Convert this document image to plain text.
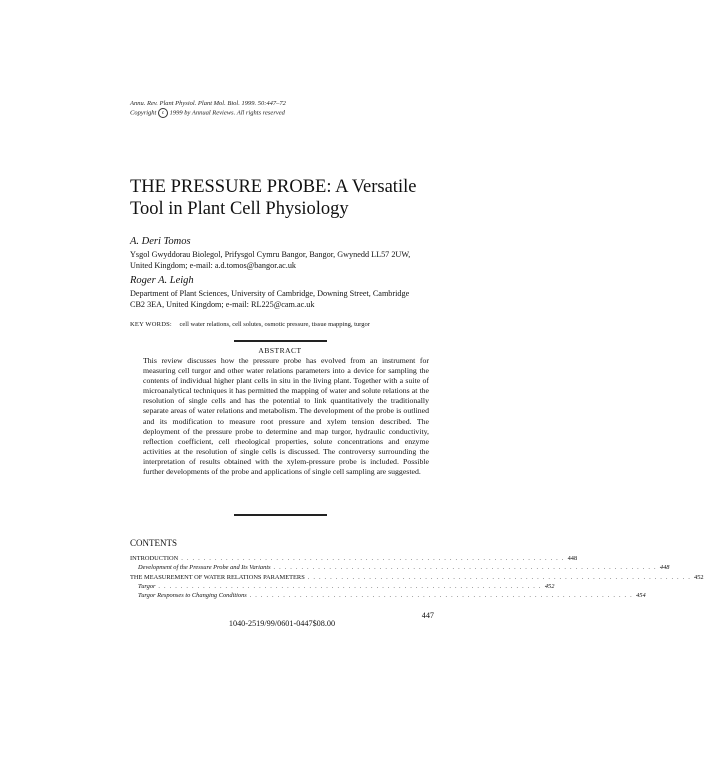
Annu. Rev. Plant Physiol. Plant Mol. Biol. 1999. 50:447–72
Copyright c 1999 by Annual Reviews. All rights reserved
THE PRESSURE PROBE: A Versatile
Tool in Plant Cell Physiology
A. Deri Tomos
Ysgol Gwyddorau Biolegol, Prifysgol Cymru Bangor, Bangor, Gwynedd LL57 2UW,
United Kingdom; e-mail: a.d.tomos@bangor.ac.uk
Roger A. Leigh
Department of Plant Sciences, University of Cambridge, Downing Street, Cambridge
CB2 3EA, United Kingdom; e-mail: RL225@cam.ac.uk
KEY WORDS: cell water relations, cell solutes, osmotic pressure, tissue mapping, turgor
ABSTRACT
This review discusses how the pressure probe has evolved from an instrument for measuring cell turgor and other water relations parameters into a device for sampling the contents of individual higher plant cells in situ in the living plant. Together with a suite of microanalytical techniques it has permitted the mapping of water and solute relations at the resolution of single cells and has the potential to link quantitatively the traditionally separate areas of water relations and metabolism. The development of the probe is outlined and its modification to measure root pressure and xylem tension described. The deployment of the pressure probe to determine and map turgor, hydraulic conductivity, reflection coefficient, cell rheological properties, solute concentrations and enzyme activities at the resolution of single cells is discussed. The controversy surrounding the interpretation of results obtained with the xylem-pressure probe is included. Possible further developments of the probe and applications of single cell sampling are suggested.
CONTENTS
INTRODUCTION . . . . . . . . . . . . . . . . . . . . . . . . . . . . . . . . . . . . . . . . . . . . . . . . . . . . . . . . . . . . . . . . . . . . . 448
Development of the Pressure Probe and Its Variants . . . . . . . . . . . . . . . . . . . . . . . . . . . . . . . . . . . . . . . . . . . . . . . . . . . . . . . . . . . . . . . . . . . . . 448
THE MEASUREMENT OF WATER RELATIONS PARAMETERS . . . . . . . . . . . . . . . . . . . . . . . . . . . . . . . . . . . . . . . . . . . . . . . . . . . . . . . . . . . . . . . . . . . . . 452
Turgor . . . . . . . . . . . . . . . . . . . . . . . . . . . . . . . . . . . . . . . . . . . . . . . . . . . . . . . . . . . . . . . . . . . . . 452
Turgor Responses to Changing Conditions . . . . . . . . . . . . . . . . . . . . . . . . . . . . . . . . . . . . . . . . . . . . . . . . . . . . . . . . . . . . . . . . . . . . . 454
447
1040-2519/99/0601-0447$08.00
